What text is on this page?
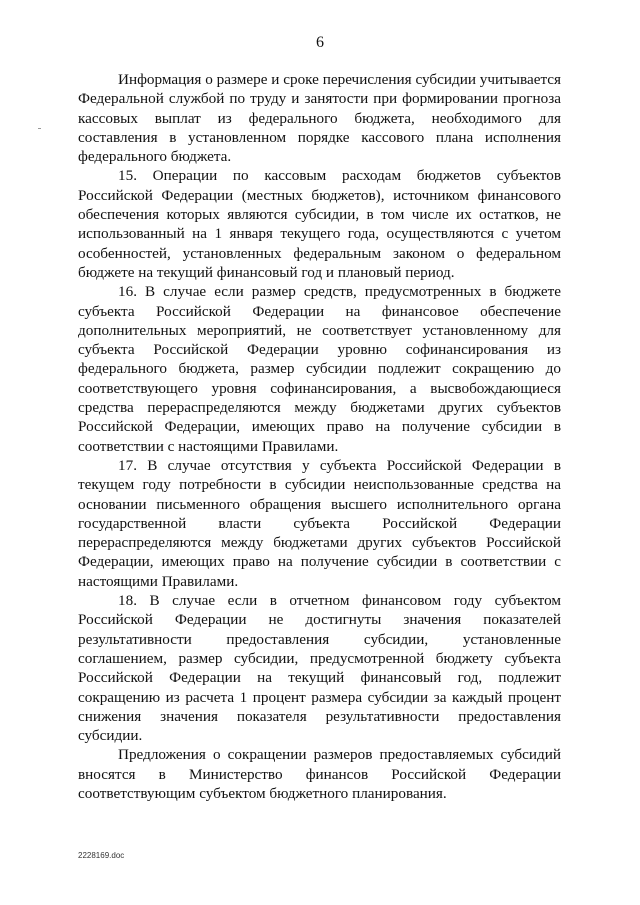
6

Информация о размере и сроке перечисления субсидии учитывается Федеральной службой по труду и занятости при формировании прогноза кассовых выплат из федерального бюджета, необходимого для составления в установленном порядке кассового плана исполнения федерального бюджета.

15. Операции по кассовым расходам бюджетов субъектов Российской Федерации (местных бюджетов), источником финансового обеспечения которых являются субсидии, в том числе их остатков, не использованный на 1 января текущего года, осуществляются с учетом особенностей, установленных федеральным законом о федеральном бюджете на текущий финансовый год и плановый период.

16. В случае если размер средств, предусмотренных в бюджете субъекта Российской Федерации на финансовое обеспечение дополнительных мероприятий, не соответствует установленному для субъекта Российской Федерации уровню софинансирования из федерального бюджета, размер субсидии подлежит сокращению до соответствующего уровня софинансирования, а высвобождающиеся средства перераспределяются между бюджетами других субъектов Российской Федерации, имеющих право на получение субсидии в соответствии с настоящими Правилами.

17. В случае отсутствия у субъекта Российской Федерации в текущем году потребности в субсидии неиспользованные средства на основании письменного обращения высшего исполнительного органа государственной власти субъекта Российской Федерации перераспределяются между бюджетами других субъектов Российской Федерации, имеющих право на получение субсидии в соответствии с настоящими Правилами.

18. В случае если в отчетном финансовом году субъектом Российской Федерации не достигнуты значения показателей результативности предоставления субсидии, установленные соглашением, размер субсидии, предусмотренной бюджету субъекта Российской Федерации на текущий финансовый год, подлежит сокращению из расчета 1 процент размера субсидии за каждый процент снижения значения показателя результативности предоставления субсидии.

Предложения о сокращении размеров предоставляемых субсидий вносятся в Министерство финансов Российской Федерации соответствующим субъектом бюджетного планирования.

2228169.doc
